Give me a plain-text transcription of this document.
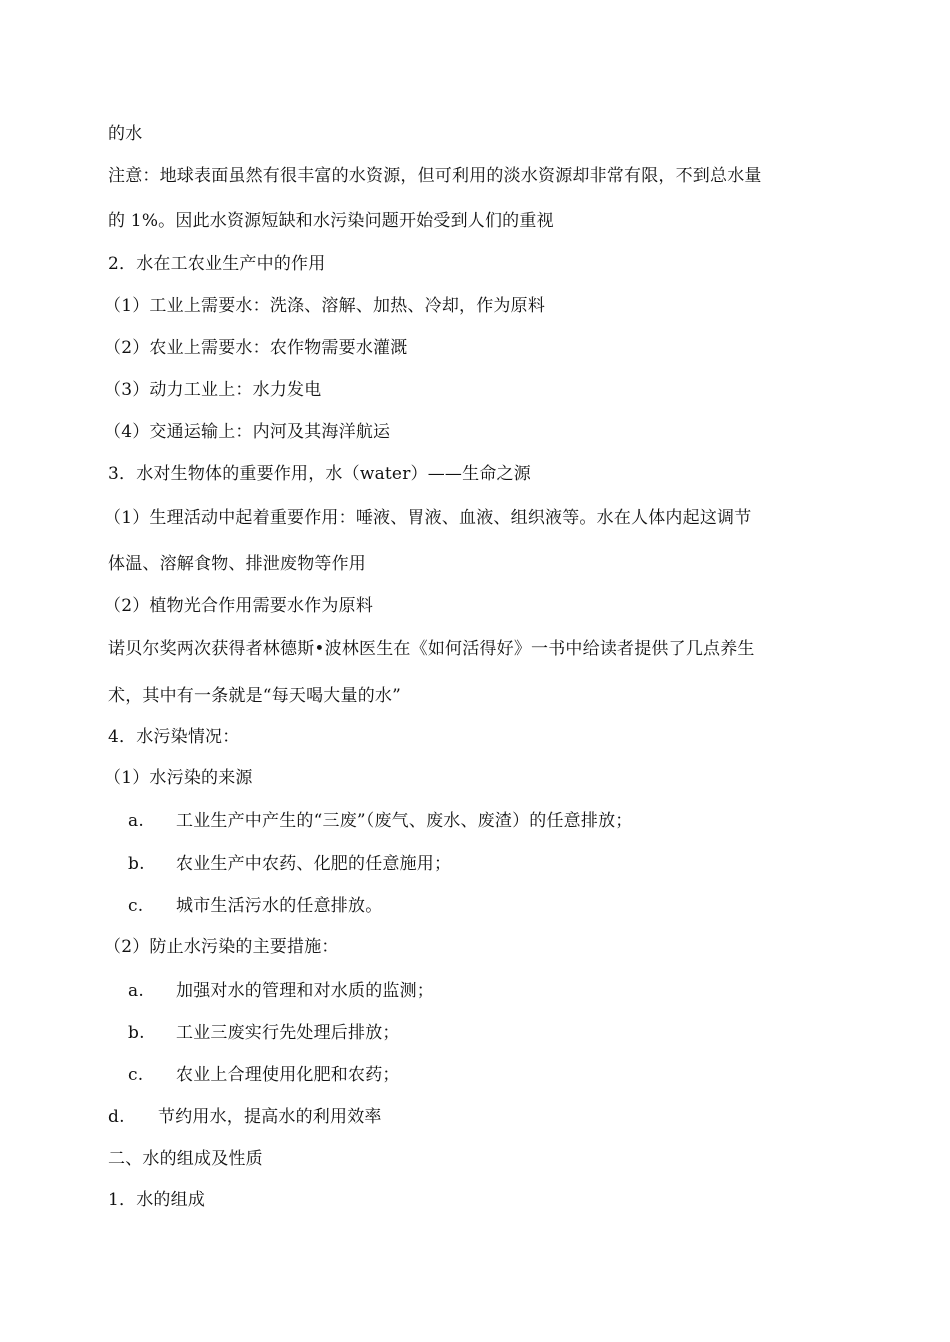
的水
注意：地球表面虽然有很丰富的水资源，但可利用的淡水资源却非常有限，不到总水量
的 1%。因此水资源短缺和水污染问题开始受到人们的重视
2．水在工农业生产中的作用
（1）工业上需要水：洗涤、溶解、加热、冷却，作为原料
（2）农业上需要水：农作物需要水灌溉
（3）动力工业上：水力发电
（4）交通运输上：内河及其海洋航运
3．水对生物体的重要作用，水（water）——生命之源
（1）生理活动中起着重要作用：唾液、胃液、血液、组织液等。水在人体内起这调节
体温、溶解食物、排泄废物等作用
（2）植物光合作用需要水作为原料
诺贝尔奖两次获得者林德斯•波林医生在《如何活得好》一书中给读者提供了几点养生
术，其中有一条就是“每天喝大量的水”
4．水污染情况：
（1）水污染的来源
a. 工业生产中产生的“三废”（废气、废水、废渣）的任意排放；
b. 农业生产中农药、化肥的任意施用；
c. 城市生活污水的任意排放。
（2）防止水污染的主要措施：
a. 加强对水的管理和对水质的监测；
b. 工业三废实行先处理后排放；
c. 农业上合理使用化肥和农药；
d. 节约用水，提高水的利用效率
二、水的组成及性质
1．水的组成
